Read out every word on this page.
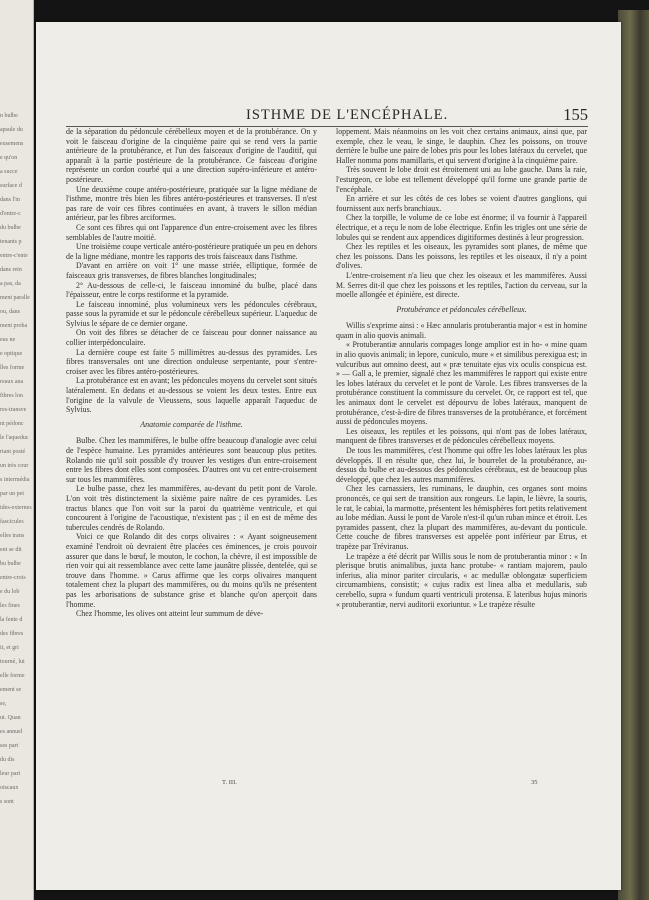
n bulbe
apsule du
eusemens
e qu'on
a succe
surface d
dans l'in
d'entre-c
du bulbe
tenants p
entre-c'ente
dans rein
a pas, da
ment paralle
ou, dans
ment proba
eus ne
e optique
lles forme
reaux ana
fibres lon
res-transve
nt pédonc
le l'aqueduc
rtant posté
un très cour
s intermédia
par un pet
ides-externes
fascicules
elles trans
ent se dit
bu bulbe
entre-crois
e du lob
les fines
la fente d
des fibres
it, et gri
tourné, lui
elle forme
ement se
se,
ut. Quan
es annuel
ses part
du dis
leur part
oiscaux
s sont
ISTHME DE L'ENCÉPHALE.	155

de la séparation du pédoncule cérébelleux moyen et de la protubérance. On y voit le faisceau d'origine de la cinquième paire qui se rend vers la partie antérieure de la protubérance, et l'un des faisceaux d'origine de l'auditif, qui apparaît à la partie postérieure de la protubérance. Ce faisceau d'origine représente un cordon courbé qui a une direction supéro-inférieure et antéro-postérieure.

Une deuxième coupe antéro-postérieure, pratiquée sur la ligne médiane de l'isthme, montre très bien les fibres antéro-postérieures et transverses. Il n'est pas rare de voir ces fibres continuées en avant, à travers le sillon médian antérieur, par les fibres arciformes.

Ce sont ces fibres qui ont l'apparence d'un entre-croisement avec les fibres semblables de l'autre moitié.

Une troisième coupe verticale antéro-postérieure pratiquée un peu en dehors de la ligne médiane, montre les rapports des trois faisceaux dans l'isthme.

D'avant en arrière on voit 1° une masse striée, elliptique, formée de faisceaux gris transverses, de fibres blanches longitudinales;

2° Au-dessous de celle-ci, le faisceau innominé du bulbe, placé dans l'épaisseur, entre le corps restiforme et la pyramide.

Le faisceau innominé, plus volumineux vers les pédoncules cérébraux, passe sous la pyramide et sur le pédoncule cérébelleux supérieur. L'aqueduc de Sylvius le sépare de ce dernier organe.

On voit des fibres se détacher de ce faisceau pour donner naissance au collier interpédonculaire.

La dernière coupe est faite 5 millimètres au-dessus des pyramides. Les fibres transversales ont une direction onduleuse serpentante, pour s'entre-croiser avec les fibres antéro-postérieures.

La protubérance est en avant; les pédoncules moyens du cervelet sont situés latéralement. En dedans et au-dessous se voient les deux testes. Entre eux l'origine de la valvule de Vieussens, sous laquelle apparaît l'aqueduc de Sylvius.

Anatomie comparée de l'isthme.

Bulbe. Chez les mammifères, le bulbe offre beaucoup d'analogie avec celui de l'espèce humaine. Les pyramides antérieures sont beaucoup plus petites. Rolando nie qu'il soit possible d'y trouver les vestiges d'un entre-croisement entre les fibres dont elles sont composées. D'autres ont vu cet entre-croisement sur tous les mammifères.

Le bulbe passe, chez les mammifères, au-devant du petit pont de Varole. L'on voit très distinctement la sixième paire naître de ces pyramides. Les tractus blancs que l'on voit sur la paroi du quatrième ventricule, et qui concourent à l'origine de l'acoustique, n'existent pas ; il en est de même des tubercules cendrés de Rolando.

Voici ce que Rolando dit des corps olivaires : « Ayant soigneusement examiné l'endroit où devraient être placées ces éminences, je crois pouvoir assurer que dans le bœuf, le mouton, le cochon, la chèvre, il est impossible de rien voir qui ait ressemblance avec cette lame jaunâtre plissée, dentelée, qui se trouve dans l'homme. » Carus affirme que les corps olivaires manquent totalement chez la plupart des mammifères, ou du moins qu'ils ne présentent pas les arborisations de substance grise et blanche qu'on aperçoit dans l'homme.

Chez l'homme, les olives ont atteint leur summum de déve-

loppement. Mais néanmoins on les voit chez certains animaux, ainsi que, par exemple, chez le veau, le singe, le dauphin. Chez les poissons, on trouve derrière le bulbe une paire de lobes pris pour les lobes latéraux du cervelet, que Haller nomma pons mamillaris, et qui servent d'origine à la cinquième paire.

Très souvent le lobe droit est étroitement uni au lobe gauche. Dans la raie, l'esturgeon, ce lobe est tellement développé qu'il forme une grande partie de l'encéphale.

En arrière et sur les côtés de ces lobes se voient d'autres ganglions, qui fournissent aux nerfs branchiaux.

Chez la torpille, le volume de ce lobe est énorme; il va fournir à l'appareil électrique, et a reçu le nom de lobe électrique. Enfin les trigles ont une série de lobules qui se rendent aux appendices digitiformes destinés à leur progression.

Chez les reptiles et les oiseaux, les pyramides sont planes, de même que chez les poissons. Dans les poissons, les reptiles et les oiseaux, il n'y a point d'olives.

L'entre-croisement n'a lieu que chez les oiseaux et les mammifères. Aussi M. Serres dit-il que chez les poissons et les reptiles, l'action du cerveau, sur la moelle allongée et épinière, est directe.

Protubérance et pédoncules cérébelleux.

Willis s'exprime ainsi : « Hæc annularis protuberantia major « est in homine quam in alio quovis animali.

« Protuberantiæ annularis compages longe amplior est in ho- « mine quam in alio quovis animali; in lepore, cuniculo, mure « et similibus perexigua est; in vulcuribus aut omnino deest, aut « præ tenuitate ejus vix oculis conspicua est. » — Gall a, le premier, signalé chez les mammifères le rapport qui existe entre les lobes latéraux du cervelet et le pont de Varole. Les fibres transverses de la protubérance constituent la commissure du cervelet. Or, ce rapport est tel, que les animaux dont le cervelet est dépourvu de lobes latéraux, manquent de protubérance, c'est-à-dire de fibres transverses de la protubérance, et forcément aussi de pédoncules moyens.

Les oiseaux, les reptiles et les poissons, qui n'ont pas de lobes latéraux, manquent de fibres transverses et de pédoncules cérébelleux moyens.

De tous les mammifères, c'est l'homme qui offre les lobes latéraux les plus développés. Il en résulte que, chez lui, le bourrelet de la protubérance, au-dessus du bulbe et au-dessous des pédoncules cérébraux, est de beaucoup plus développé, que chez les autres mammifères.

Chez les carnassiers, les ruminans, le dauphin, ces organes sont moins prononcés, ce qui sert de transition aux rongeurs. Le lapin, le lièvre, la souris, le rat, le cabiai, la marmotte, présentent les hémisphères fort petits relativement au lobe médian. Aussi le pont de Varole n'est-il qu'un ruban mince et étroit. Les pyramides passent, chez la plupart des mammifères, au-devant du ponticule. Cette couche de fibres transverses est appelée pont inférieur par Etrus, et trapèze par Tréviranus.

Le trapèze a été décrit par Willis sous le nom de protuberantia minor : « In plerisque brutis animalibus, juxta hanc protube- « rantiam majorem, paulo inferius, alia minor pariter circularis, « ac medullæ oblongatæ superficiem circumambiens, consistit; « cujus radix est linea alba et medullaris, sub cerebello, supra « fundum quarti ventriculi protensa. E lateribus hujus minoris « protuberantiæ, nervi auditorii exoriuntur. » Le trapèze résulte

T. III.	35
